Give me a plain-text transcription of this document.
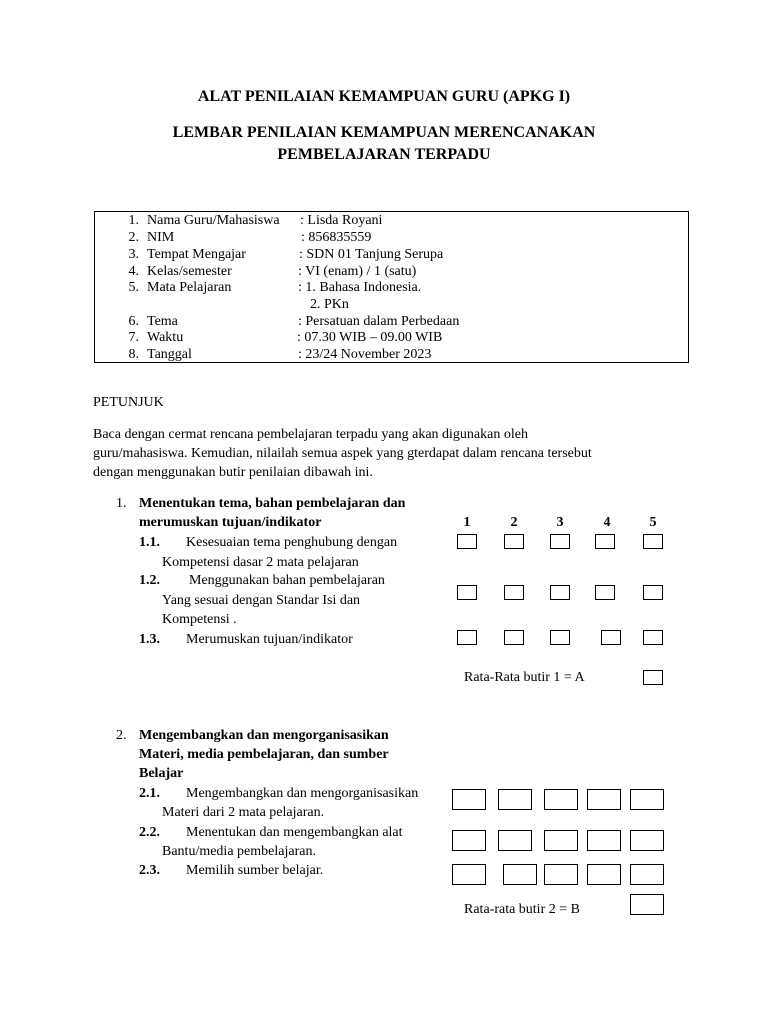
ALAT PENILAIAN KEMAMPUAN GURU (APKG I)
LEMBAR PENILAIAN KEMAMPUAN MERENCANAKAN
PEMBELAJARAN TERPADU
1. Nama Guru/Mahasiswa : Lisda Royani
2. NIM	: 856835559
3. Tempat Mengajar	: SDN 01 Tanjung Serupa
4. Kelas/semester	: VI (enam) / 1 (satu)
5. Mata Pelajaran	: 1. Bahasa Indonesia.
2. PKn
6. Tema	: Persatuan dalam Perbedaan
7. Waktu	: 07.30 WIB – 09.00 WIB
8. Tanggal	: 23/24 November 2023
PETUNJUK
Baca dengan cermat rencana pembelajaran terpadu yang akan digunakan oleh
guru/mahasiswa. Kemudian, nilailah semua aspek yang gterdapat dalam rencana tersebut
dengan menggunakan butir penilaian dibawah ini.
1. Menentukan tema, bahan pembelajaran dan
merumuskan tujuan/indikator	1	2	3	4	5
1.1. Kesesuaian tema penghubung dengan
Kompetensi dasar 2 mata pelajaran
1.2. Menggunakan bahan pembelajaran
Yang sesuai dengan Standar Isi dan
Kompetensi .
1.3. Merumuskan tujuan/indikator
Rata-Rata butir 1 = A
2. Mengembangkan dan mengorganisasikan
Materi, media pembelajaran, dan sumber
Belajar
2.1. Mengembangkan dan mengorganisasikan
Materi dari 2 mata pelajaran.
2.2. Menentukan dan mengembangkan alat
Bantu/media pembelajaran.
2.3. Memilih sumber belajar.
Rata-rata butir 2 = B
